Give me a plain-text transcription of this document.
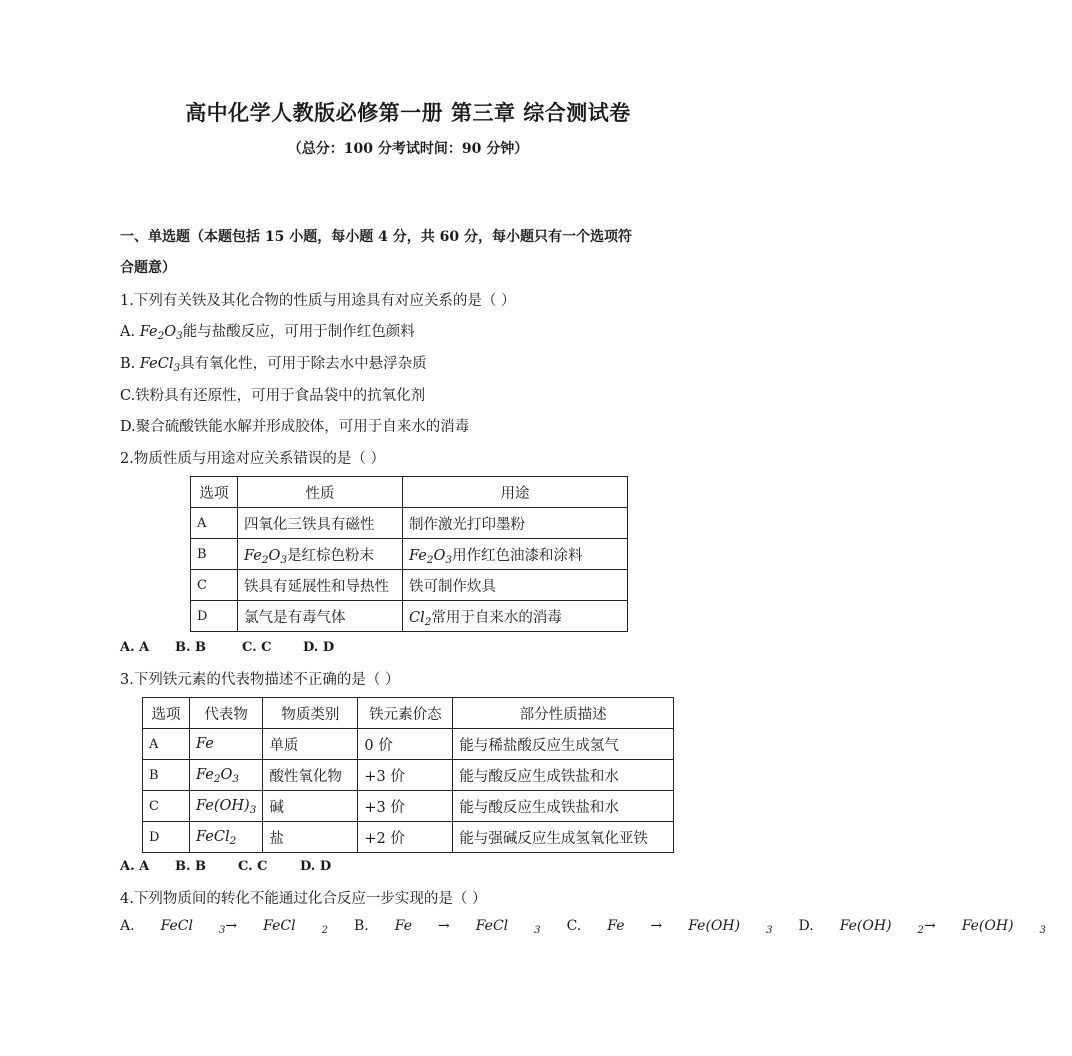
高中化学人教版必修第一册 第三章 综合测试卷
（总分：100 分考试时间：90 分钟）
一、单选题（本题包括 15 小题，每小题 4 分，共 60 分，每小题只有一个选项符
合题意）
1.下列有关铁及其化合物的性质与用途具有对应关系的是（ ）
A. $Fe_2O_3$能与盐酸反应，可用于制作红色颜料
B. FeCl$_3$具有氧化性，可用于除去水中悬浮杂质
C.铁粉具有还原性，可用于食品袋中的抗氧化剂
D.聚合硫酸铁能水解并形成胶体，可用于自来水的消毒
2.物质性质与用途对应关系错误的是（ ）
选项	性质	用途
A	四氧化三铁具有磁性	制作激光打印墨粉
B	$Fe_2O_3$是红棕色粉末	$Fe_2O_3$用作红色油漆和涂料
C	铁具有延展性和导热性	铁可制作炊具
D	氯气是有毒气体	$Cl_2$常用于自来水的消毒
A. A B. B	C. C D. D
3.下列铁元素的代表物描述不正确的是（ ）
选项	代表物	物质类别	铁元素价态	部分性质描述
A	Fe	单质	0 价	能与稀盐酸反应生成氢气
B	$Fe_2O_3$	酸性氧化物	+3 价	能与酸反应生成铁盐和水
C	$Fe(OH)_3$	碱	+3 价	能与酸反应生成铁盐和水
D	FeCl$_2$	盐	+2 价	能与强碱反应生成氢氧化亚铁
A. A B. B C. C D. D
4.下列物质间的转化不能通过化合反应一步实现的是（ ）
A.FeCl	$_3$→ FeCl	$_2$ B.Fe → FeCl	$_3$ C.Fe → Fe(OH)	$_3$ D.Fe(OH)	$_2$→ Fe(OH)	$_3$
